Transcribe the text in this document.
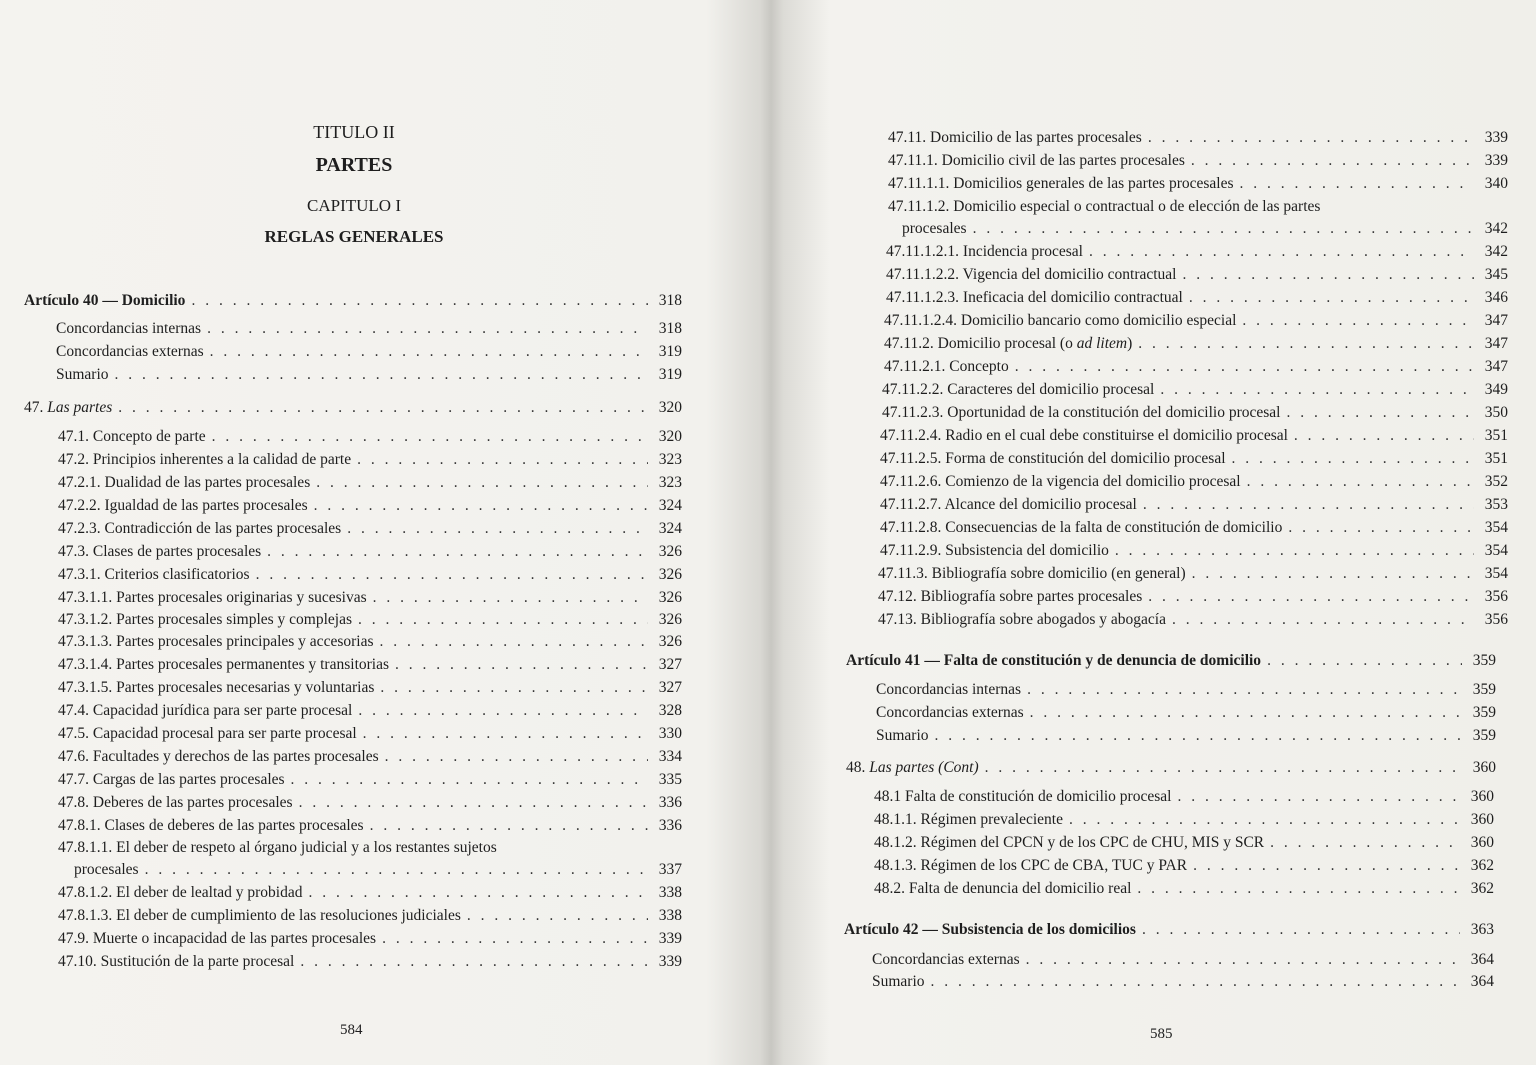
TITULO II
PARTES
CAPITULO I
REGLAS GENERALES
Artículo 40 — Domicilio . . .	318
Concordancias internas . . .	318
Concordancias externas . . .	319
Sumario . . .	319
47. Las partes . . .	320
47.1. Concepto de parte . . .	320
47.2. Principios inherentes a la calidad de parte . . .	323
47.2.1. Dualidad de las partes procesales . . .	323
47.2.2. Igualdad de las partes procesales . . .	324
47.2.3. Contradicción de las partes procesales . . .	324
47.3. Clases de partes procesales . . .	326
47.3.1. Criterios clasificatorios . . .	326
47.3.1.1. Partes procesales originarias y sucesivas . . .	326
47.3.1.2. Partes procesales simples y complejas . . .	326
47.3.1.3. Partes procesales principales y accesorias . . .	326
47.3.1.4. Partes procesales permanentes y transitorias . . .	327
47.3.1.5. Partes procesales necesarias y voluntarias . . .	327
47.4. Capacidad jurídica para ser parte procesal . . .	328
47.5. Capacidad procesal para ser parte procesal . . .	330
47.6. Facultades y derechos de las partes procesales . . .	334
47.7. Cargas de las partes procesales . . .	335
47.8. Deberes de las partes procesales . . .	336
47.8.1. Clases de deberes de las partes procesales . . .	336
47.8.1.1. El deber de respeto al órgano judicial y a los restantes sujetos
procesales . . .	337
47.8.1.2. El deber de lealtad y probidad . . .	338
47.8.1.3. El deber de cumplimiento de las resoluciones judiciales . . .	338
47.9. Muerte o incapacidad de las partes procesales . . .	339
47.10. Sustitución de la parte procesal . . .	339
584
47.11. Domicilio de las partes procesales . . .	339
47.11.1. Domicilio civil de las partes procesales . . .	339
47.11.1.1. Domicilios generales de las partes procesales . . .	340
47.11.1.2. Domicilio especial o contractual o de elección de las partes
procesales . . .	342
47.11.1.2.1. Incidencia procesal . . .	342
47.11.1.2.2. Vigencia del domicilio contractual . . .	345
47.11.1.2.3. Ineficacia del domicilio contractual . . .	346
47.11.1.2.4. Domicilio bancario como domicilio especial . . .	347
47.11.2. Domicilio procesal (o ad litem) . . .	347
47.11.2.1. Concepto . . .	347
47.11.2.2. Caracteres del domicilio procesal . . .	349
47.11.2.3. Oportunidad de la constitución del domicilio procesal . . .	350
47.11.2.4. Radio en el cual debe constituirse el domicilio procesal . . .	351
47.11.2.5. Forma de constitución del domicilio procesal . . .	351
47.11.2.6. Comienzo de la vigencia del domicilio procesal . . .	352
47.11.2.7. Alcance del domicilio procesal . . .	353
47.11.2.8. Consecuencias de la falta de constitución de domicilio . . .	354
47.11.2.9. Subsistencia del domicilio . . .	354
47.11.3. Bibliografía sobre domicilio (en general) . . .	354
47.12. Bibliografía sobre partes procesales . . .	356
47.13. Bibliografía sobre abogados y abogacía . . .	356
Artículo 41 — Falta de constitución y de denuncia de domicilio . . .	359
Concordancias internas . . .	359
Concordancias externas . . .	359
Sumario . . .	359
48. Las partes (Cont) . . .	360
48.1 Falta de constitución de domicilio procesal . . .	360
48.1.1. Régimen prevaleciente . . .	360
48.1.2. Régimen del CPCN y de los CPC de CHU, MIS y SCR . . .	360
48.1.3. Régimen de los CPC de CBA, TUC y PAR . . .	362
48.2. Falta de denuncia del domicilio real . . .	362
Artículo 42 — Subsistencia de los domicilios . . .	363
Concordancias externas . . .	364
Sumario . . .	364
585
